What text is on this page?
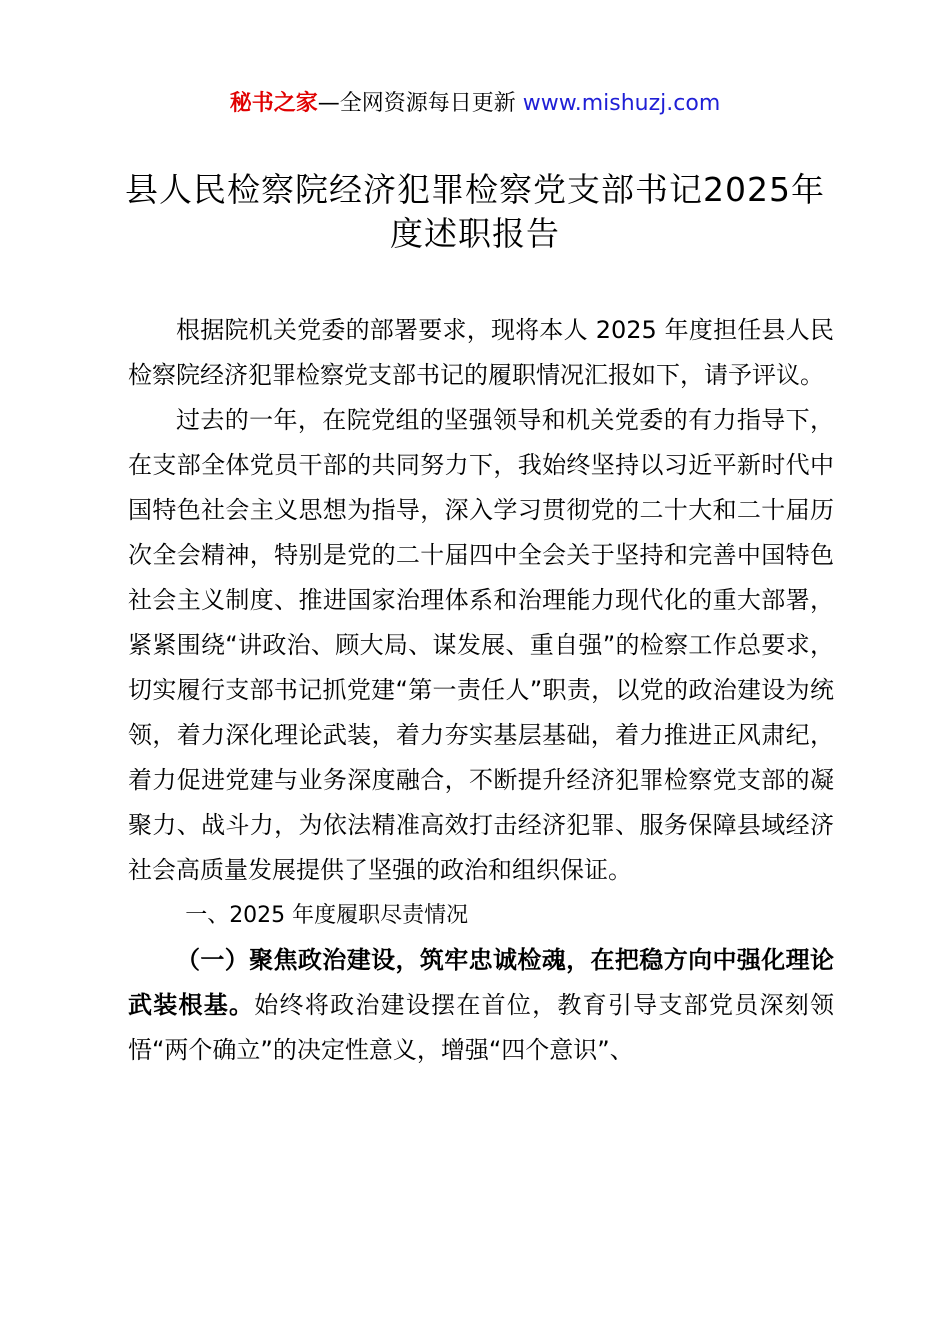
秘书之家—全网资源每日更新 www.mishuzj.com
县人民检察院经济犯罪检察党支部书记2025年度述职报告

根据院机关党委的部署要求，现将本人 2025 年度担任县人民检察院经济犯罪检察党支部书记的履职情况汇报如下，请予评议。

过去的一年，在院党组的坚强领导和机关党委的有力指导下，在支部全体党员干部的共同努力下，我始终坚持以习近平新时代中国特色社会主义思想为指导，深入学习贯彻党的二十大和二十届历次全会精神，特别是党的二十届四中全会关于坚持和完善中国特色社会主义制度、推进国家治理体系和治理能力现代化的重大部署，紧紧围绕“讲政治、顾大局、谋发展、重自强”的检察工作总要求，切实履行支部书记抓党建“第一责任人”职责，以党的政治建设为统领，着力深化理论武装，着力夯实基层基础，着力推进正风肃纪，着力促进党建与业务深度融合，不断提升经济犯罪检察党支部的凝聚力、战斗力，为依法精准高效打击经济犯罪、服务保障县域经济社会高质量发展提供了坚强的政治和组织保证。

一、2025 年度履职尽责情况

（一）聚焦政治建设，筑牢忠诚检魂，在把稳方向中强化理论武装根基。始终将政治建设摆在首位，教育引导支部党员深刻领悟“两个确立”的决定性意义，增强“四个意识”、
